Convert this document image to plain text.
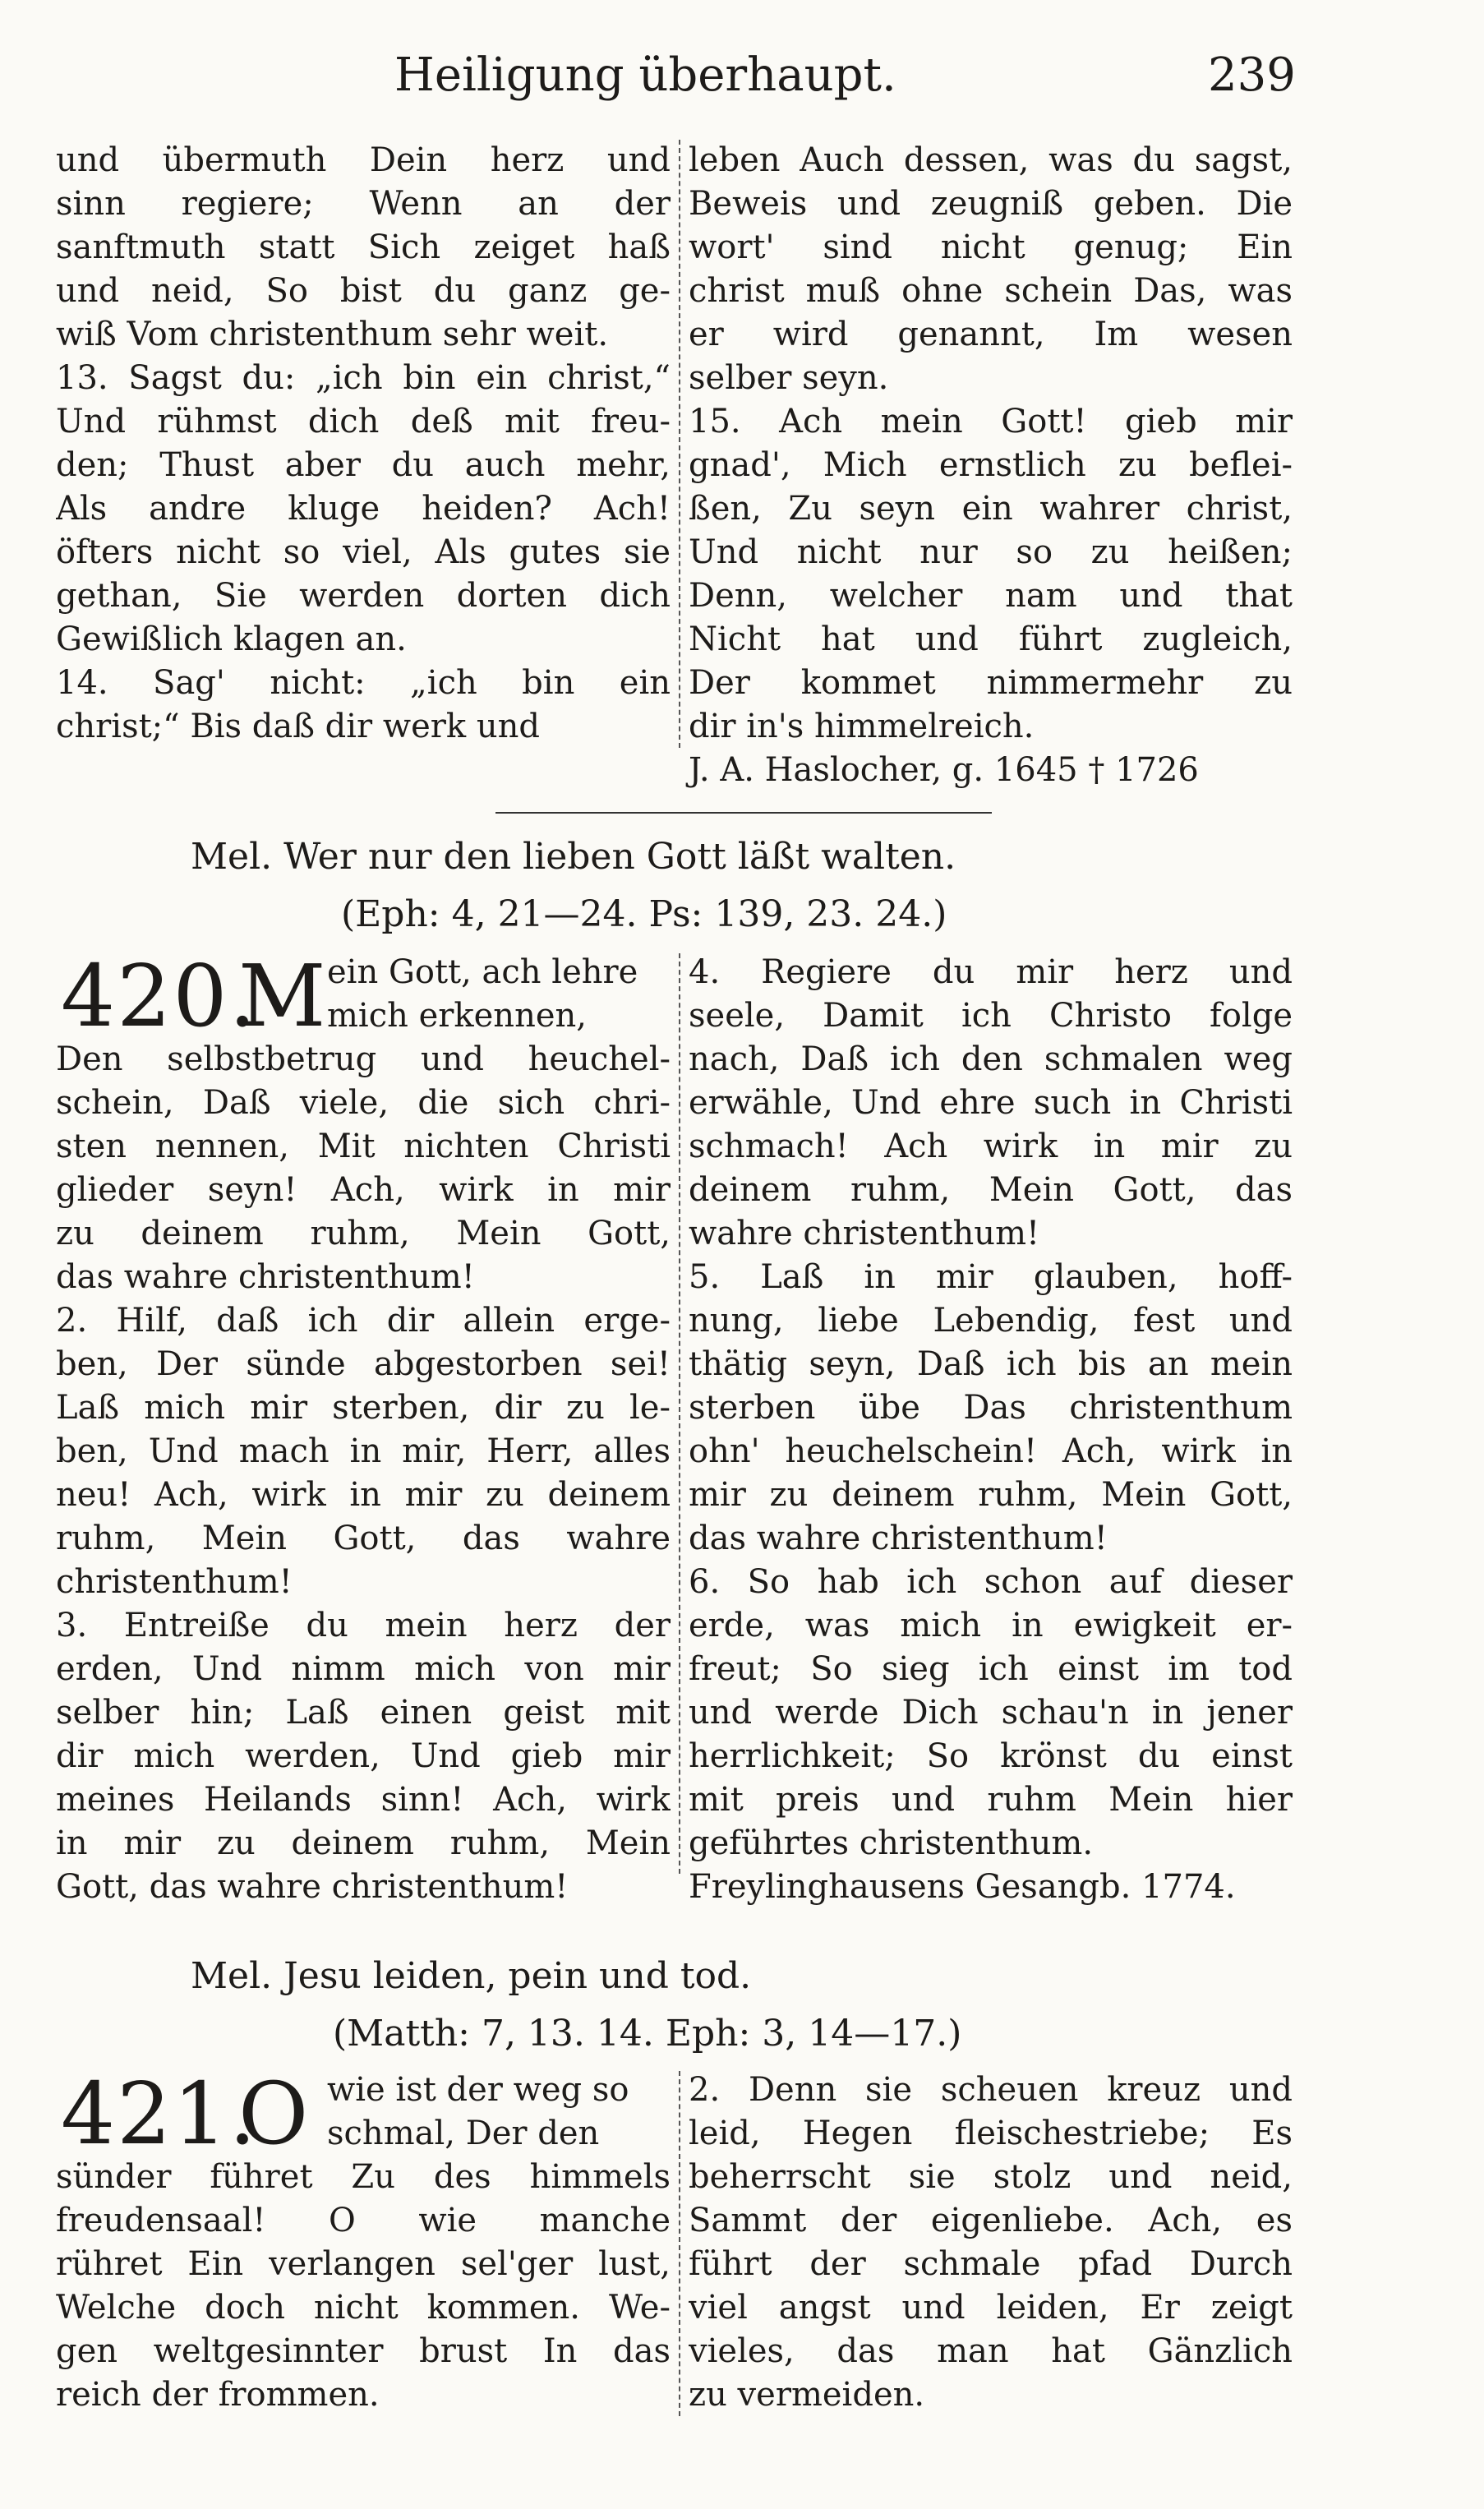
Heiligung überhaupt.	239
und übermuth Dein herz und
sinn regiere; Wenn an der
sanftmuth statt Sich zeiget haß
und neid, So bist du ganz ge-
wiß Vom christenthum sehr weit.
13. Sagst du: „ich bin ein christ,“
Und rühmst dich deß mit freu-
den; Thust aber du auch mehr,
Als andre kluge heiden? Ach!
öfters nicht so viel, Als gutes sie
gethan, Sie werden dorten dich
Gewißlich klagen an.
14. Sag' nicht: „ich bin ein
christ;“ Bis daß dir werk und
leben Auch dessen, was du sagst,
Beweis und zeugniß geben. Die
wort' sind nicht genug; Ein
christ muß ohne schein Das, was
er wird genannt, Im wesen
selber seyn.
15. Ach mein Gott! gieb mir
gnad', Mich ernstlich zu beflei-
ßen, Zu seyn ein wahrer christ,
Und nicht nur so zu heißen;
Denn, welcher nam und that
Nicht hat und führt zugleich,
Der kommet nimmermehr zu
dir in's himmelreich.
J. A. Haslocher, g. 1645 † 1726
Mel. Wer nur den lieben Gott läßt walten.
(Eph: 4, 21—24. Ps: 139, 23. 24.)
420.
M ein Gott, ach lehre
mich erkennen,
Den selbstbetrug und heuchel-
schein, Daß viele, die sich chri-
sten nennen, Mit nichten Christi
glieder seyn! Ach, wirk in mir
zu deinem ruhm, Mein Gott,
das wahre christenthum!
2. Hilf, daß ich dir allein erge-
ben, Der sünde abgestorben sei!
Laß mich mir sterben, dir zu le-
ben, Und mach in mir, Herr, alles
neu! Ach, wirk in mir zu deinem
ruhm, Mein Gott, das wahre
christenthum!
3. Entreiße du mein herz der
erden, Und nimm mich von mir
selber hin; Laß einen geist mit
dir mich werden, Und gieb mir
meines Heilands sinn! Ach, wirk
in mir zu deinem ruhm, Mein
Gott, das wahre christenthum!
4. Regiere du mir herz und
seele, Damit ich Christo folge
nach, Daß ich den schmalen weg
erwähle, Und ehre such in Christi
schmach! Ach wirk in mir zu
deinem ruhm, Mein Gott, das
wahre christenthum!
5. Laß in mir glauben, hoff-
nung, liebe Lebendig, fest und
thätig seyn, Daß ich bis an mein
sterben übe Das christenthum
ohn' heuchelschein! Ach, wirk in
mir zu deinem ruhm, Mein Gott,
das wahre christenthum!
6. So hab ich schon auf dieser
erde, was mich in ewigkeit er-
freut; So sieg ich einst im tod
und werde Dich schau'n in jener
herrlichkeit; So krönst du einst
mit preis und ruhm Mein hier
geführtes christenthum.
Freylinghausens Gesangb. 1774.
Mel. Jesu leiden, pein und tod.
(Matth: 7, 13. 14. Eph: 3, 14—17.)
421.
O wie ist der weg so
schmal, Der den
sünder führet Zu des himmels
freudensaal! O wie manche
rühret Ein verlangen sel'ger lust,
Welche doch nicht kommen. We-
gen weltgesinnter brust In das
reich der frommen.
2. Denn sie scheuen kreuz und
leid, Hegen fleischestriebe; Es
beherrscht sie stolz und neid,
Sammt der eigenliebe. Ach, es
führt der schmale pfad Durch
viel angst und leiden, Er zeigt
vieles, das man hat Gänzlich
zu vermeiden.
